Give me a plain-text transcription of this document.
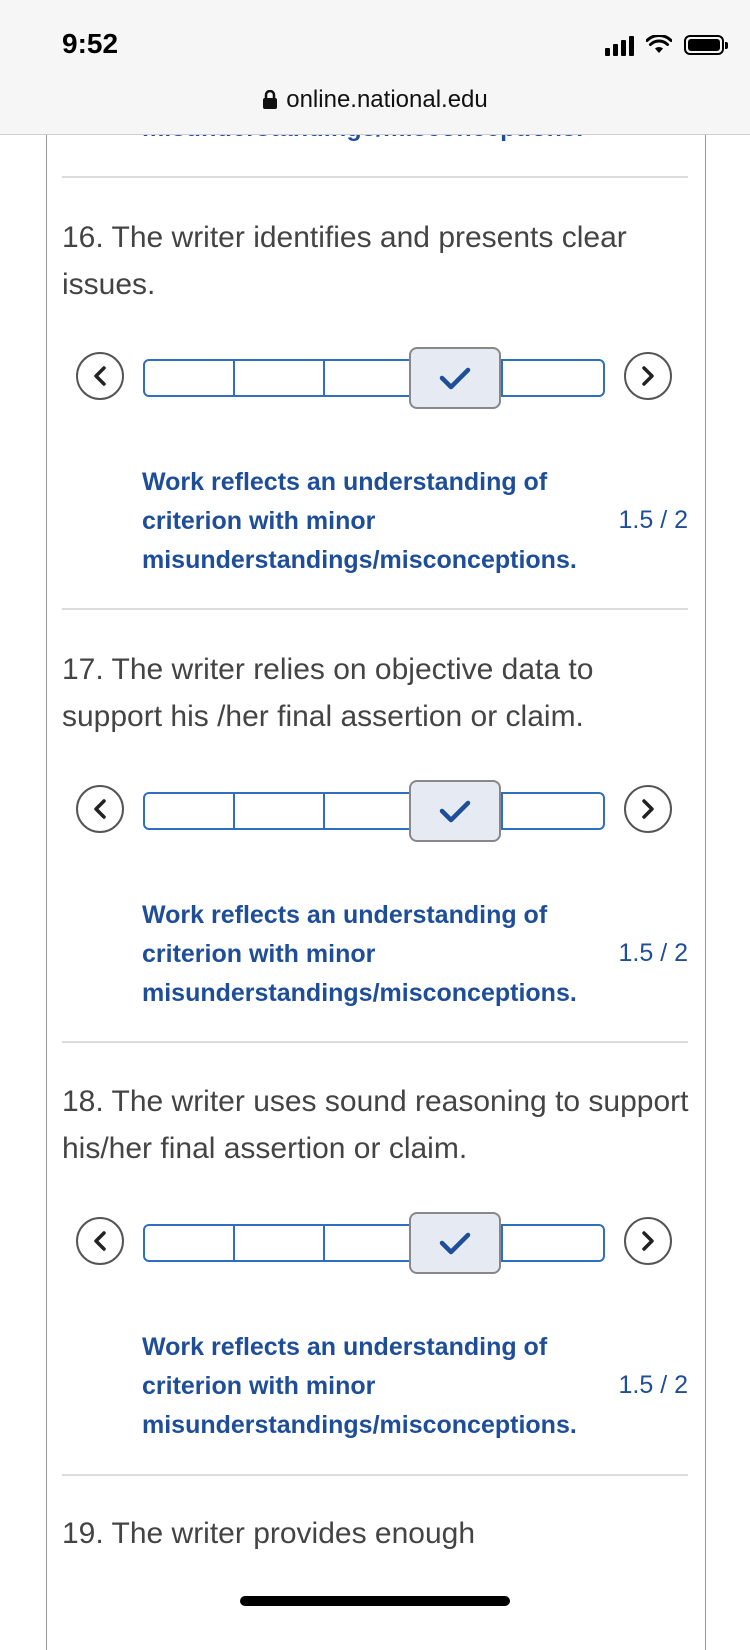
9:52
online.national.edu
16. The writer identifies and presents clear issues.
Work reflects an understanding of criterion with minor misunderstandings/misconceptions.
1.5 / 2
17. The writer relies on objective data to support his /her final assertion or claim.
Work reflects an understanding of criterion with minor misunderstandings/misconceptions.
1.5 / 2
18. The writer uses sound reasoning to support his/her final assertion or claim.
Work reflects an understanding of criterion with minor misunderstandings/misconceptions.
1.5 / 2
19. The writer provides enough
